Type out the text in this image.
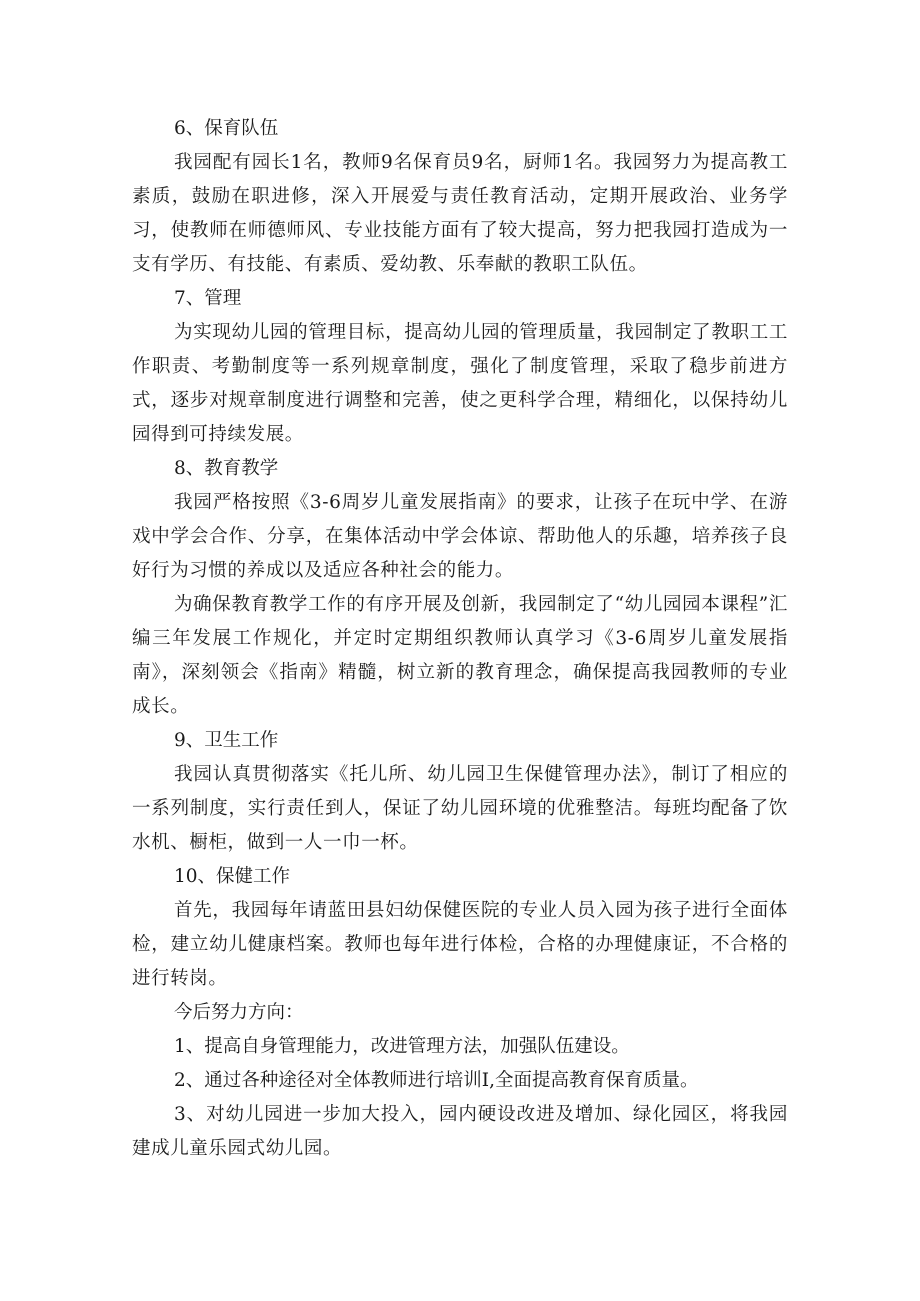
6、保育队伍

我园配有园长1名，教师9名保育员9名，厨师1名。我园努力为提高教工素质，鼓励在职进修，深入开展爱与责任教育活动，定期开展政治、业务学习，使教师在师德师风、专业技能方面有了较大提高，努力把我园打造成为一支有学历、有技能、有素质、爱幼教、乐奉献的教职工队伍。

7、管理

为实现幼儿园的管理目标，提高幼儿园的管理质量，我园制定了教职工工作职责、考勤制度等一系列规章制度，强化了制度管理，采取了稳步前进方式，逐步对规章制度进行调整和完善，使之更科学合理，精细化，以保持幼儿园得到可持续发展。

8、教育教学

我园严格按照《3-6周岁儿童发展指南》的要求，让孩子在玩中学、在游戏中学会合作、分享，在集体活动中学会体谅、帮助他人的乐趣，培养孩子良好行为习惯的养成以及适应各种社会的能力。

为确保教育教学工作的有序开展及创新，我园制定了“幼儿园园本课程”汇编三年发展工作规化，并定时定期组织教师认真学习《3-6周岁儿童发展指南》，深刻领会《指南》精髓，树立新的教育理念，确保提高我园教师的专业成长。

9、卫生工作

我园认真贯彻落实《托儿所、幼儿园卫生保健管理办法》，制订了相应的一系列制度，实行责任到人，保证了幼儿园环境的优雅整洁。每班均配备了饮水机、橱柜，做到一人一巾一杯。

10、保健工作

首先，我园每年请蓝田县妇幼保健医院的专业人员入园为孩子进行全面体检，建立幼儿健康档案。教师也每年进行体检，合格的办理健康证，不合格的进行转岗。

今后努力方向：

1、提高自身管理能力，改进管理方法，加强队伍建设。

2、通过各种途径对全体教师进行培训I,全面提高教育保育质量。

3、对幼儿园进一步加大投入，园内硬设改进及增加、绿化园区，将我园建成儿童乐园式幼儿园。
